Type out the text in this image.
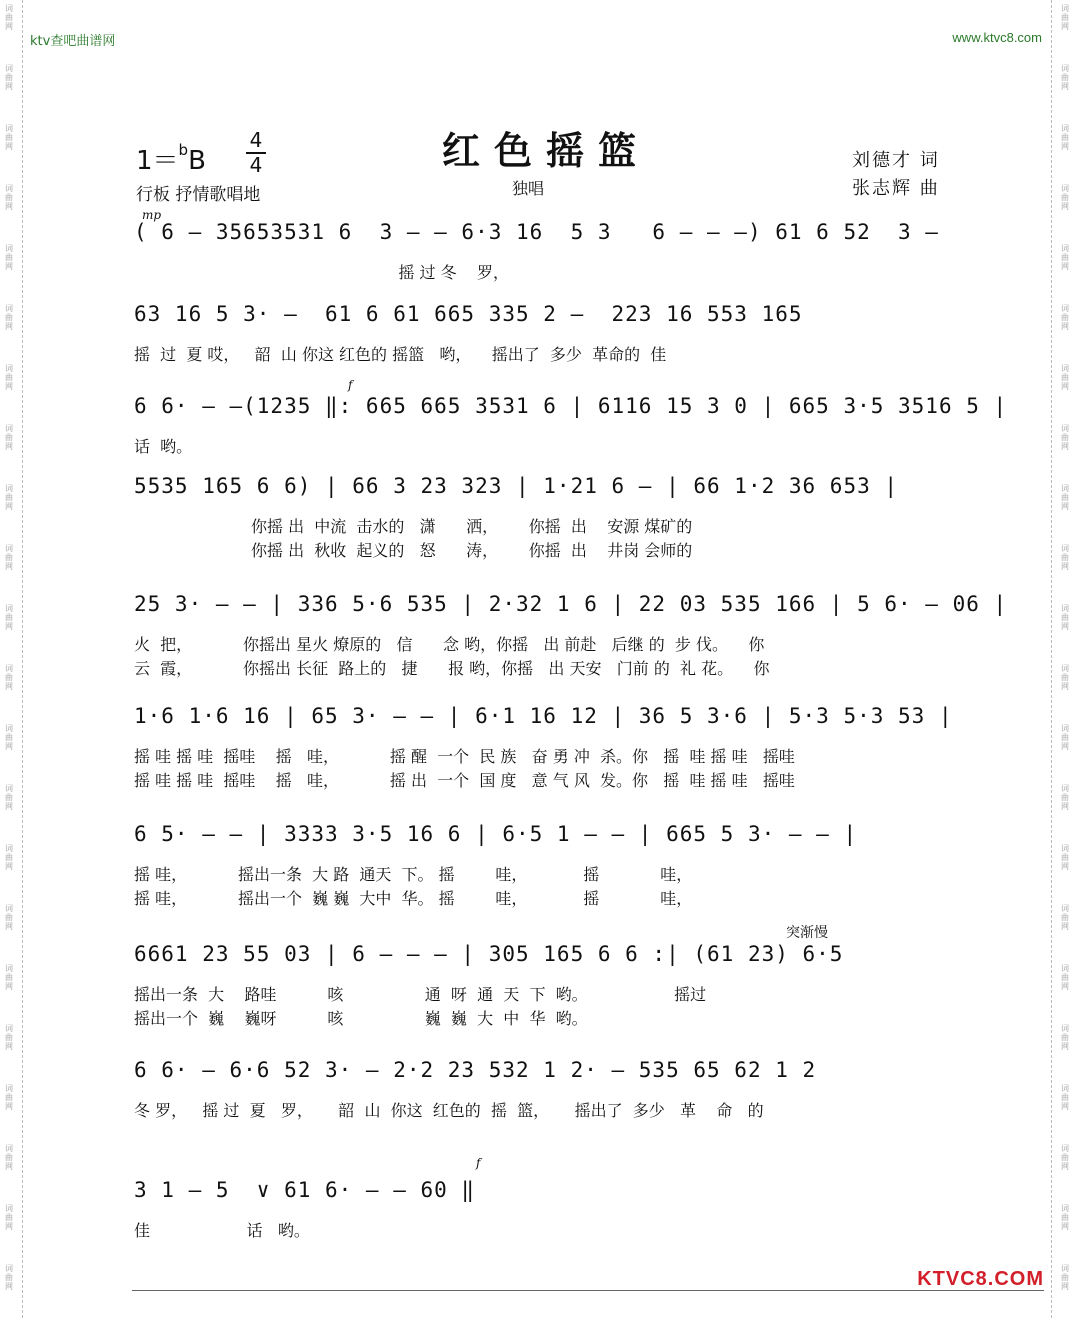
词
曲
网
词
曲
网
词
曲
网
词
曲
网
词
曲
网
词
曲
网
词
曲
网
词
曲
网
词
曲
网
词
曲
网
词
曲
网
词
曲
网
词
曲
网
词
曲
网
词
曲
网
词
曲
网
词
曲
网
词
曲
网
词
曲
网
词
曲
网
词
曲
网
词
曲
网
词
曲
网
词
曲
网
词
曲
网
词
曲
网
词
曲
网
词
曲
网
词
曲
网
词
曲
网
词
曲
网
词
曲
网
词
曲
网
词
曲
网
词
曲
网
词
曲
网
词
曲
网
词
曲
网
词
曲
网
词
曲
网
词
曲
网
词
曲
网
词
曲
网
词
曲
网
ktv查吧曲谱网	www.ktvc8.com
1＝$^b$B
4
4	红色摇篮	刘德才 词
张志辉 曲
行板 抒情歌唱地	独唱
mp
f
f
突渐慢
( 6 — 35653531 6  3 — — 6·3 16  5 3   6 — — —) 61 6 52  3 —
摇 过 冬    罗，
63 16 5 3· —  61 6 61 665 335 2 —  223 16 553 165
摇  过  夏 哎，   韶  山 你这 红色的 摇篮   哟，    摇出了  多少  革命的  佳
6 6· — —(1235 ‖: 665 665 3531 6 | 6116 15 3 0 | 665 3·5 3516 5 |
话  哟。
5535 165 6 6) | 66 3 23 323 | 1·21 6 — | 66 1·2 36 653 |
你摇 出  中流  击水的   潇      洒，      你摇  出    安源 煤矿的
你摇 出  秋收  起义的   怒      涛，      你摇  出    井岗 会师的
25 3· — — | 336 5·6 535 | 2·32 1 6 | 22 03 535 166 | 5 6· — 06 |
火  把，          你摇出 星火 燎原的   信      念 哟，你摇   出 前赴   后继 的  步 伐。    你
云  霞，          你摇出 长征  路上的   捷      报 哟，你摇   出 天安   门前 的  礼 花。    你
1·6 1·6 16 | 65 3· — — | 6·1 16 12 | 36 5 3·6 | 5·3 5·3 53 |
摇 哇 摇 哇  摇哇    摇   哇，          摇 醒  一个  民 族   奋 勇 冲  杀。你   摇  哇 摇 哇   摇哇
摇 哇 摇 哇  摇哇    摇   哇，          摇 出  一个  国 度   意 气 风  发。你   摇  哇 摇 哇   摇哇
6 5· — — | 3333 3·5 16 6 | 6·5 1 — — | 665 5 3· — — |
摇 哇，          摇出一条  大 路  通天  下。 摇        哇，           摇            哇，
摇 哇，          摇出一个  巍 巍  大中  华。 摇        哇，           摇            哇，
6661 23 55 03 | 6 — — — | 305 165 6 6 :| (61 23) 6·5
摇出一条  大    路哇          咳                通  呀  通  天  下  哟。                 摇过
摇出一个  巍    巍呀          咳                巍  巍  大  中  华  哟。
6 6· — 6·6 52 3· — 2·2 23 532 1 2· — 535 65 62 1 2
冬 罗，   摇 过  夏   罗，     韶  山  你这  红色的  摇  篮，     摇出了  多少   革    命   的
3 1 — 5  ∨ 61 6· — — 60 ‖
佳                   话   哟。
KTVC8.COM
